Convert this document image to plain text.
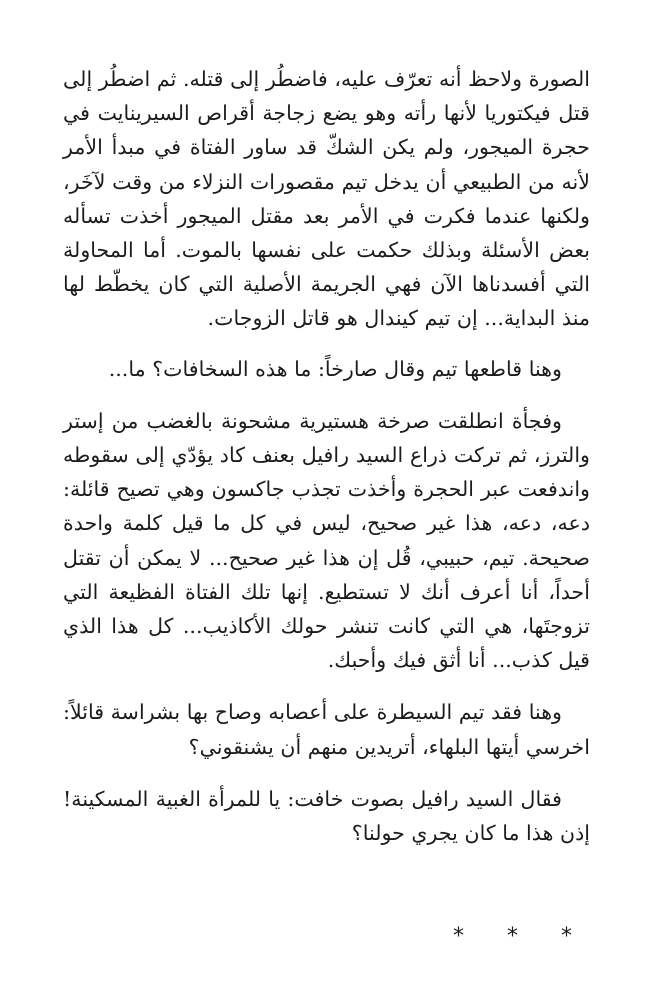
الصورة ولاحظ أنه تعرّف عليه، فاضطُر إلى قتله. ثم اضطُر إلى قتل فيكتوريا لأنها رأته وهو يضع زجاجة أقراص السيرينايت في حجرة الميجور، ولم يكن الشكّ قد ساور الفتاة في مبدأ الأمر لأنه من الطبيعي أن يدخل تيم مقصورات النزلاء من وقت لآخَر، ولكنها عندما فكرت في الأمر بعد مقتل الميجور أخذت تسأله بعض الأسئلة وبذلك حكمت على نفسها بالموت. أما المحاولة التي أفسدناها الآن فهي الجريمة الأصلية التي كان يخطّط لها منذ البداية... إن تيم كيندال هو قاتل الزوجات.

وهنا قاطعها تيم وقال صارخاً: ما هذه السخافات؟ ما...

وفجأة انطلقت صرخة هستيرية مشحونة بالغضب من إستر والترز، ثم تركت ذراع السيد رافيل بعنف كاد يؤدّي إلى سقوطه واندفعت عبر الحجرة وأخذت تجذب جاكسون وهي تصيح قائلة: دعه، دعه، هذا غير صحيح، ليس في كل ما قيل كلمة واحدة صحيحة. تيم، حبيبي، قُل إن هذا غير صحيح... لا يمكن أن تقتل أحداً، أنا أعرف أنك لا تستطيع. إنها تلك الفتاة الفظيعة التي تزوجتَها، هي التي كانت تنشر حولك الأكاذيب... كل هذا الذي قيل كذب... أنا أثق فيك وأحبك.

وهنا فقد تيم السيطرة على أعصابه وصاح بها بشراسة قائلاً: اخرسي أيتها البلهاء، أتريدين منهم أن يشنقوني؟

فقال السيد رافيل بصوت خافت: يا للمرأة الغبية المسكينة! إذن هذا ما كان يجري حولنا؟

* * *
